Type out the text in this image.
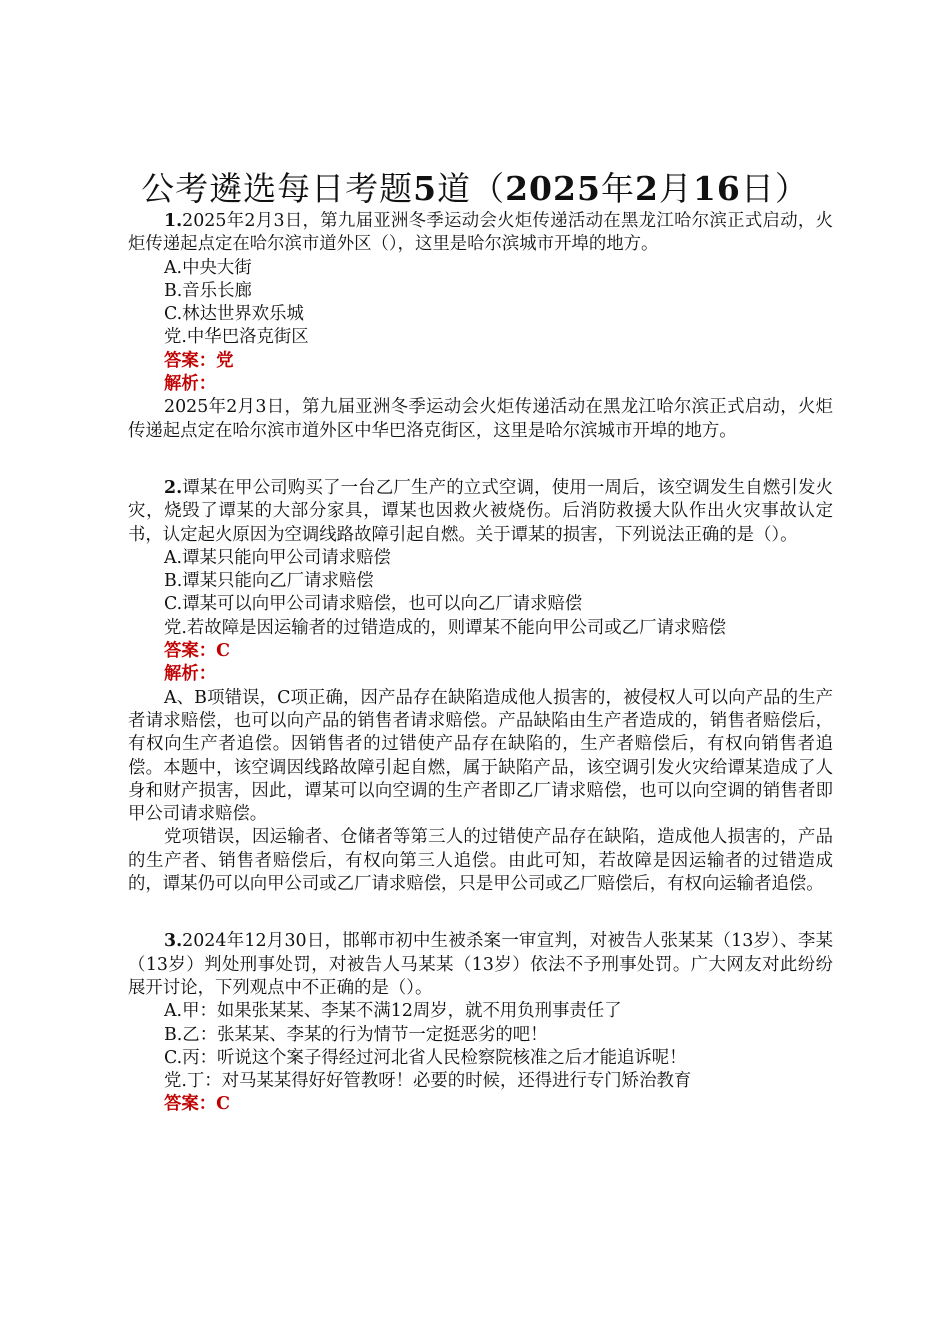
公考遴选每日考题5道（2025年2月16日）

1.2025年2月3日，第九届亚洲冬季运动会火炬传递活动在黑龙江哈尔滨正式启动，火炬传递起点定在哈尔滨市道外区（），这里是哈尔滨城市开埠的地方。

A.中央大街

B.音乐长廊

C.林达世界欢乐城

党.中华巴洛克街区

答案：党

解析：

2025年2月3日，第九届亚洲冬季运动会火炬传递活动在黑龙江哈尔滨正式启动，火炬传递起点定在哈尔滨市道外区中华巴洛克街区，这里是哈尔滨城市开埠的地方。

2.谭某在甲公司购买了一台乙厂生产的立式空调，使用一周后，该空调发生自燃引发火灾，烧毁了谭某的大部分家具，谭某也因救火被烧伤。后消防救援大队作出火灾事故认定书，认定起火原因为空调线路故障引起自燃。关于谭某的损害，下列说法正确的是（）。

A.谭某只能向甲公司请求赔偿

B.谭某只能向乙厂请求赔偿

C.谭某可以向甲公司请求赔偿，也可以向乙厂请求赔偿

党.若故障是因运输者的过错造成的，则谭某不能向甲公司或乙厂请求赔偿

答案：C

解析：

A、B项错误，C项正确，因产品存在缺陷造成他人损害的，被侵权人可以向产品的生产者请求赔偿，也可以向产品的销售者请求赔偿。产品缺陷由生产者造成的，销售者赔偿后，有权向生产者追偿。因销售者的过错使产品存在缺陷的，生产者赔偿后，有权向销售者追偿。本题中，该空调因线路故障引起自燃，属于缺陷产品，该空调引发火灾给谭某造成了人身和财产损害，因此，谭某可以向空调的生产者即乙厂请求赔偿，也可以向空调的销售者即甲公司请求赔偿。

党项错误，因运输者、仓储者等第三人的过错使产品存在缺陷，造成他人损害的，产品的生产者、销售者赔偿后，有权向第三人追偿。由此可知，若故障是因运输者的过错造成的，谭某仍可以向甲公司或乙厂请求赔偿，只是甲公司或乙厂赔偿后，有权向运输者追偿。

3.2024年12月30日，邯郸市初中生被杀案一审宣判，对被告人张某某（13岁）、李某（13岁）判处刑事处罚，对被告人马某某（13岁）依法不予刑事处罚。广大网友对此纷纷展开讨论，下列观点中不正确的是（）。

A.甲：如果张某某、李某不满12周岁，就不用负刑事责任了

B.乙：张某某、李某的行为情节一定挺恶劣的吧！

C.丙：听说这个案子得经过河北省人民检察院核准之后才能追诉呢！

党.丁：对马某某得好好管教呀！必要的时候，还得进行专门矫治教育

答案：C
